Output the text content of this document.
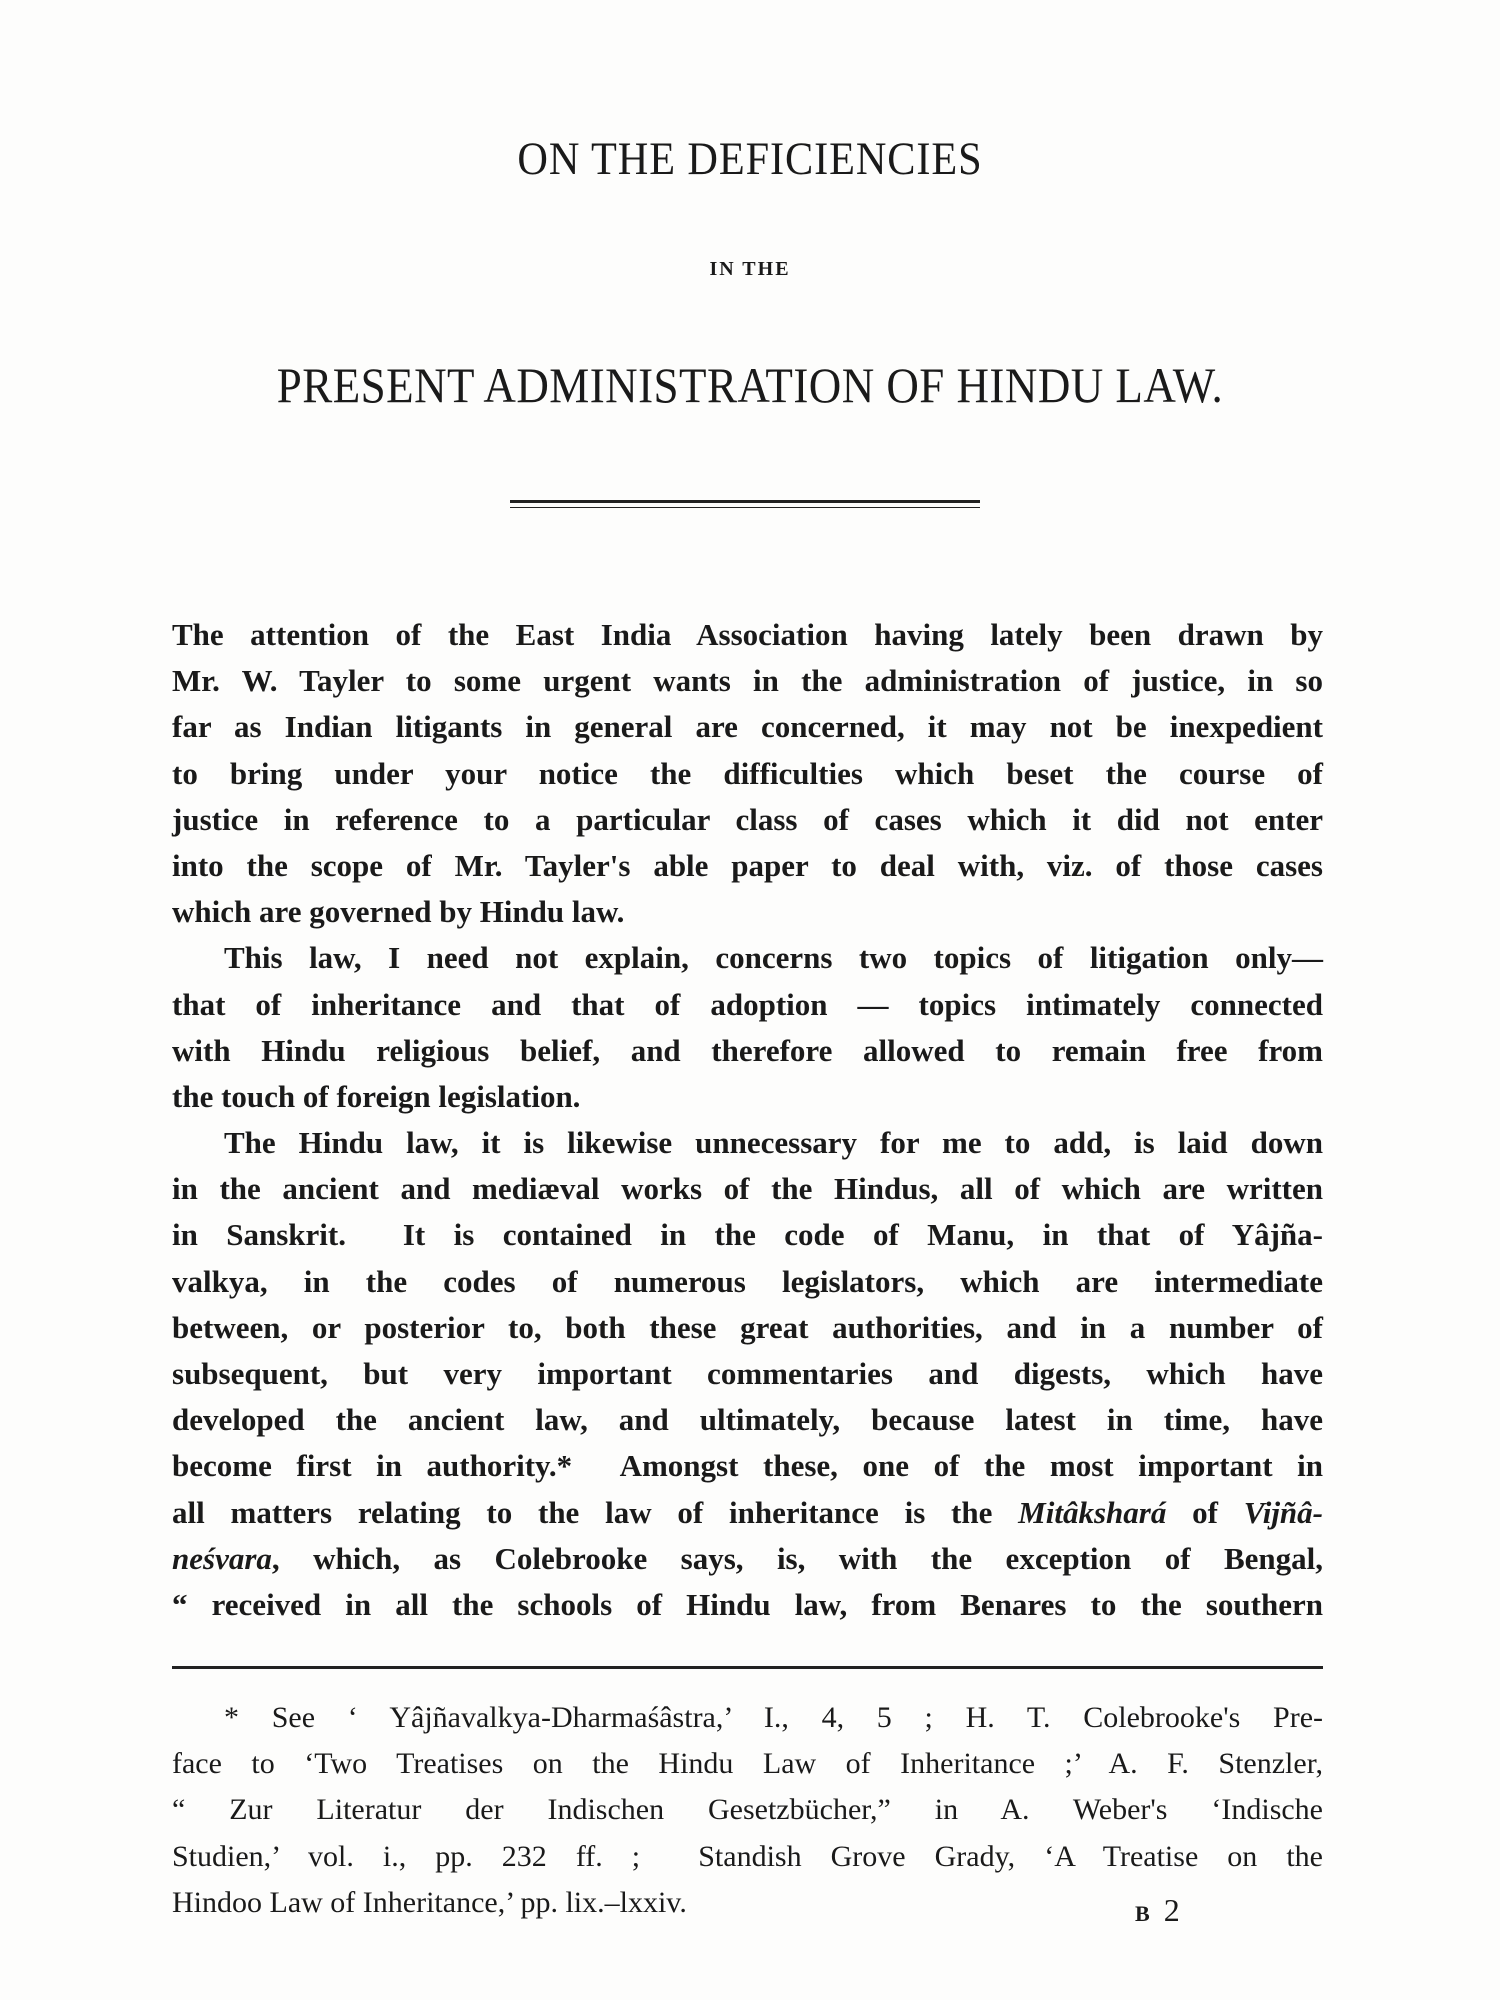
ON THE DEFICIENCIES
IN THE
PRESENT ADMINISTRATION OF HINDU LAW.
The attention of the East India Association having lately been drawn by
Mr. W. Tayler to some urgent wants in the administration of justice, in so
far as Indian litigants in general are concerned, it may not be inexpedient
to bring under your notice the difficulties which beset the course of
justice in reference to a particular class of cases which it did not enter
into the scope of Mr. Tayler's able paper to deal with, viz. of those cases
which are governed by Hindu law.
This law, I need not explain, concerns two topics of litigation only—
that of inheritance and that of adoption — topics intimately connected
with Hindu religious belief, and therefore allowed to remain free from
the touch of foreign legislation.
The Hindu law, it is likewise unnecessary for me to add, is laid down
in the ancient and mediæval works of the Hindus, all of which are written
in Sanskrit.  It is contained in the code of Manu, in that of Yâjña-
valkya, in the codes of numerous legislators, which are intermediate
between, or posterior to, both these great authorities, and in a number of
subsequent, but very important commentaries and digests, which have
developed the ancient law, and ultimately, because latest in time, have
become first in authority.*  Amongst these, one of the most important in
all matters relating to the law of inheritance is the Mitâkshará of Vijñâ-
neśvara, which, as Colebrooke says, is, with the exception of Bengal,
“ received in all the schools of Hindu law, from Benares to the southern
* See ‘ Yâjñavalkya-Dharmaśâstra,’ I., 4, 5 ; H. T. Colebrooke's Pre-
face to ‘Two Treatises on the Hindu Law of Inheritance ;’ A. F. Stenzler,
“ Zur Literatur der Indischen Gesetzbücher,” in A. Weber's ‘Indische
Studien,’ vol. i., pp. 232 ff. ;  Standish Grove Grady, ‘A Treatise on the
Hindoo Law of Inheritance,’ pp. lix.–lxxiv.	B 2
